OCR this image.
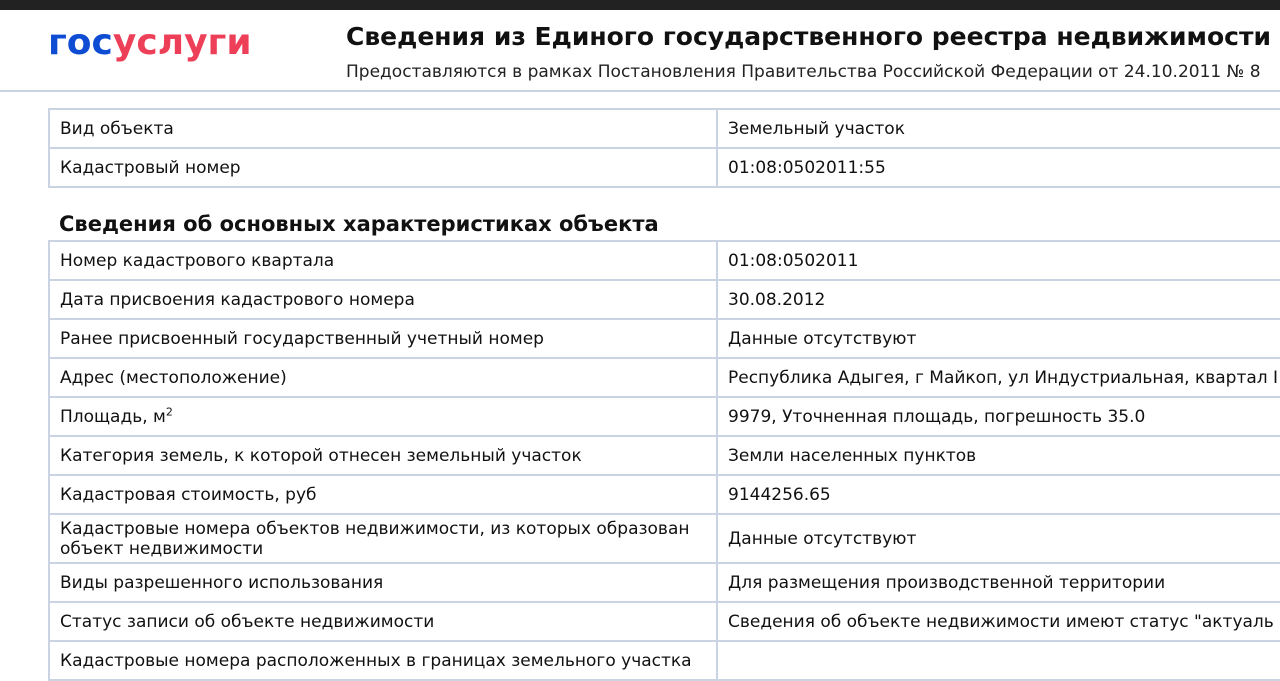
госуслуги	Сведения из Единого государственного реестра недвижимости
Предоставляются в рамках Постановления Правительства Российской Федерации от 24.10.2011 № 8
Вид объекта	Земельный участок
Кадастровый номер	01:08:0502011:55
Сведения об основных характеристиках объекта
Номер кадастрового квартала	01:08:0502011
Дата присвоения кадастрового номера	30.08.2012
Ранее присвоенный государственный учетный номер	Данные отсутствуют
Адрес (местоположение)	Республика Адыгея, г Майкоп, ул Индустриальная, квартал I
Площадь, $м^2$	9979, Уточненная площадь, погрешность 35.0
Категория земель, к которой отнесен земельный участок	Земли населенных пунктов
Кадастровая стоимость, руб	9144256.65
Кадастровые номера объектов недвижимости, из которых образован объект недвижимости	Данные отсутствуют
Виды разрешенного использования	Для размещения производственной территории
Статус записи об объекте недвижимости	Сведения об объекте недвижимости имеют статус "актуаль
Кадастровые номера расположенных в границах земельного участка	
